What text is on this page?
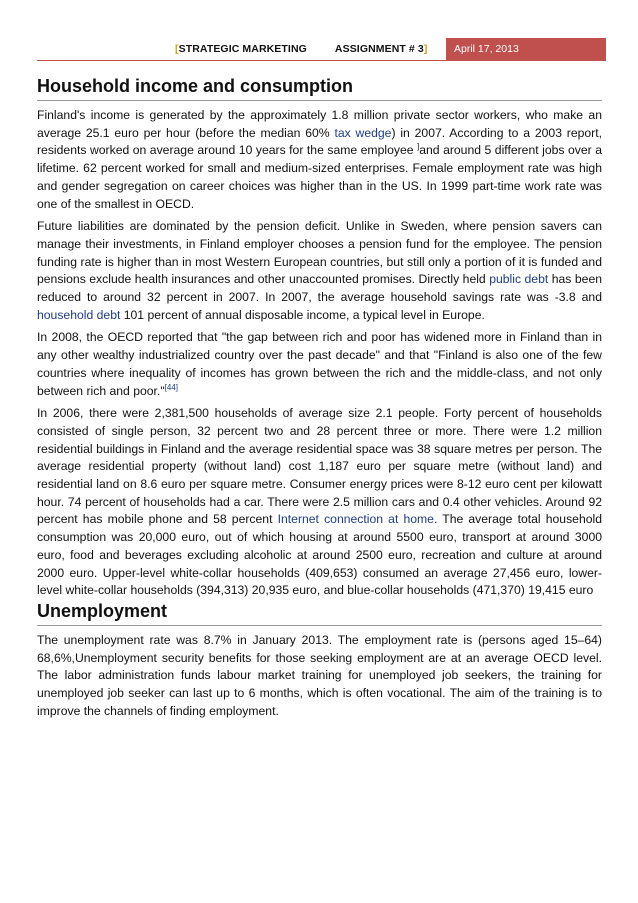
[STRATEGIC MARKETING	ASSIGNMENT # 3]	April 17, 2013
Household income and consumption

Finland's income is generated by the approximately 1.8 million private sector workers, who make an average 25.1 euro per hour (before the median 60% tax wedge) in 2007. According to a 2003 report, residents worked on average around 10 years for the same employee ]and around 5 different jobs over a lifetime. 62 percent worked for small and medium-sized enterprises. Female employment rate was high and gender segregation on career choices was higher than in the US. In 1999 part-time work rate was one of the smallest in OECD.

Future liabilities are dominated by the pension deficit. Unlike in Sweden, where pension savers can manage their investments, in Finland employer chooses a pension fund for the employee. The pension funding rate is higher than in most Western European countries, but still only a portion of it is funded and pensions exclude health insurances and other unaccounted promises. Directly held public debt has been reduced to around 32 percent in 2007. In 2007, the average household savings rate was -3.8 and household debt 101 percent of annual disposable income, a typical level in Europe.

In 2008, the OECD reported that "the gap between rich and poor has widened more in Finland than in any other wealthy industrialized country over the past decade" and that "Finland is also one of the few countries where inequality of incomes has grown between the rich and the middle-class, and not only between rich and poor."[44]

In 2006, there were 2,381,500 households of average size 2.1 people. Forty percent of households consisted of single person, 32 percent two and 28 percent three or more. There were 1.2 million residential buildings in Finland and the average residential space was 38 square metres per person. The average residential property (without land) cost 1,187 euro per square metre (without land) and residential land on 8.6 euro per square metre. Consumer energy prices were 8-12 euro cent per kilowatt hour. 74 percent of households had a car. There were 2.5 million cars and 0.4 other vehicles. Around 92 percent has mobile phone and 58 percent Internet connection at home. The average total household consumption was 20,000 euro, out of which housing at around 5500 euro, transport at around 3000 euro, food and beverages excluding alcoholic at around 2500 euro, recreation and culture at around 2000 euro. Upper-level white-collar households (409,653) consumed an average 27,456 euro, lower-level white-collar households (394,313) 20,935 euro, and blue-collar households (471,370) 19,415 euro

Unemployment

The unemployment rate was 8.7% in January 2013. The employment rate is (persons aged 15–64) 68,6%,Unemployment security benefits for those seeking employment are at an average OECD level. The labor administration funds labour market training for unemployed job seekers, the training for unemployed job seeker can last up to 6 months, which is often vocational. The aim of the training is to improve the channels of finding employment.
